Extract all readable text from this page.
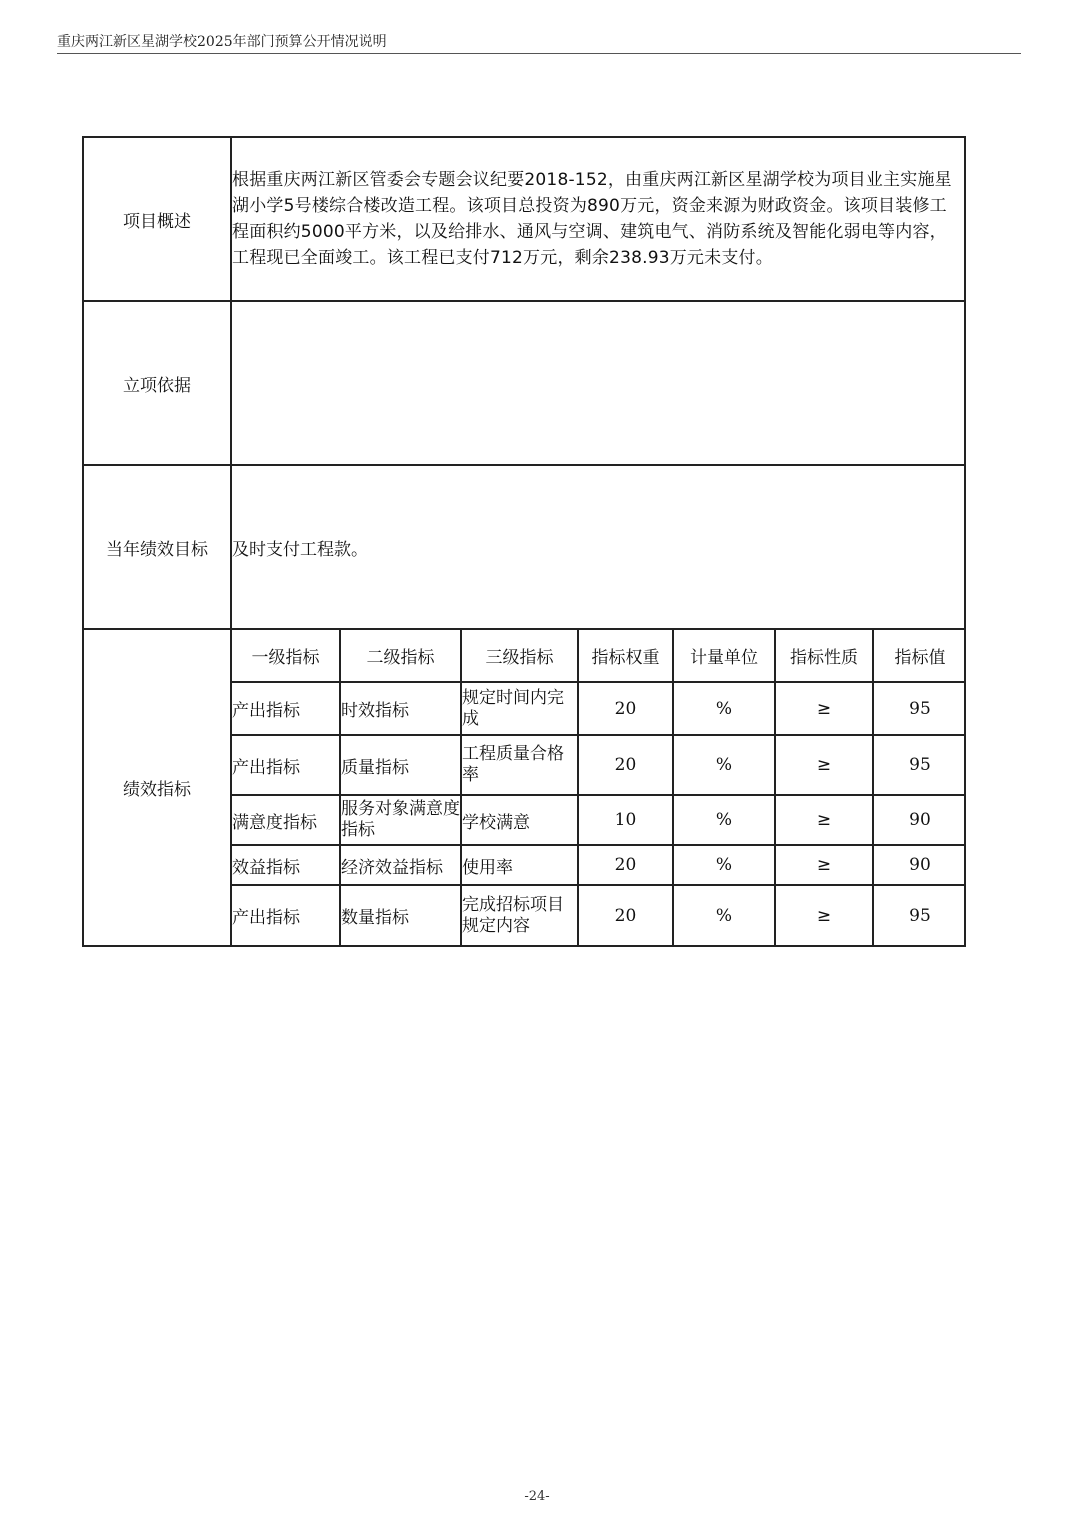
重庆两江新区星湖学校2025年部门预算公开情况说明
项目概述	根据重庆两江新区管委会专题会议纪要2018-152，由重庆两江新区星湖学校为项目业主实施星湖小学5号楼综合楼改造工程。该项目总投资为890万元，资金来源为财政资金。该项目装修工程面积约5000平方米，以及给排水、通风与空调、建筑电气、消防系统及智能化弱电等内容，工程现已全面竣工。该工程已支付712万元，剩余238.93万元未支付。
立项依据	
当年绩效目标	及时支付工程款。
绩效指标	
一级指标	二级指标	三级指标	指标权重	计量单位	指标性质	指标值
产出指标	时效指标	规定时间内完成	20	%	≥	95
产出指标	质量指标	工程质量合格率	20	%	≥	95
满意度指标	服务对象满意度指标	学校满意	10	%	≥	90
效益指标	经济效益指标	使用率	20	%	≥	90
产出指标	数量指标	完成招标项目规定内容	20	%	≥	95
-24-
